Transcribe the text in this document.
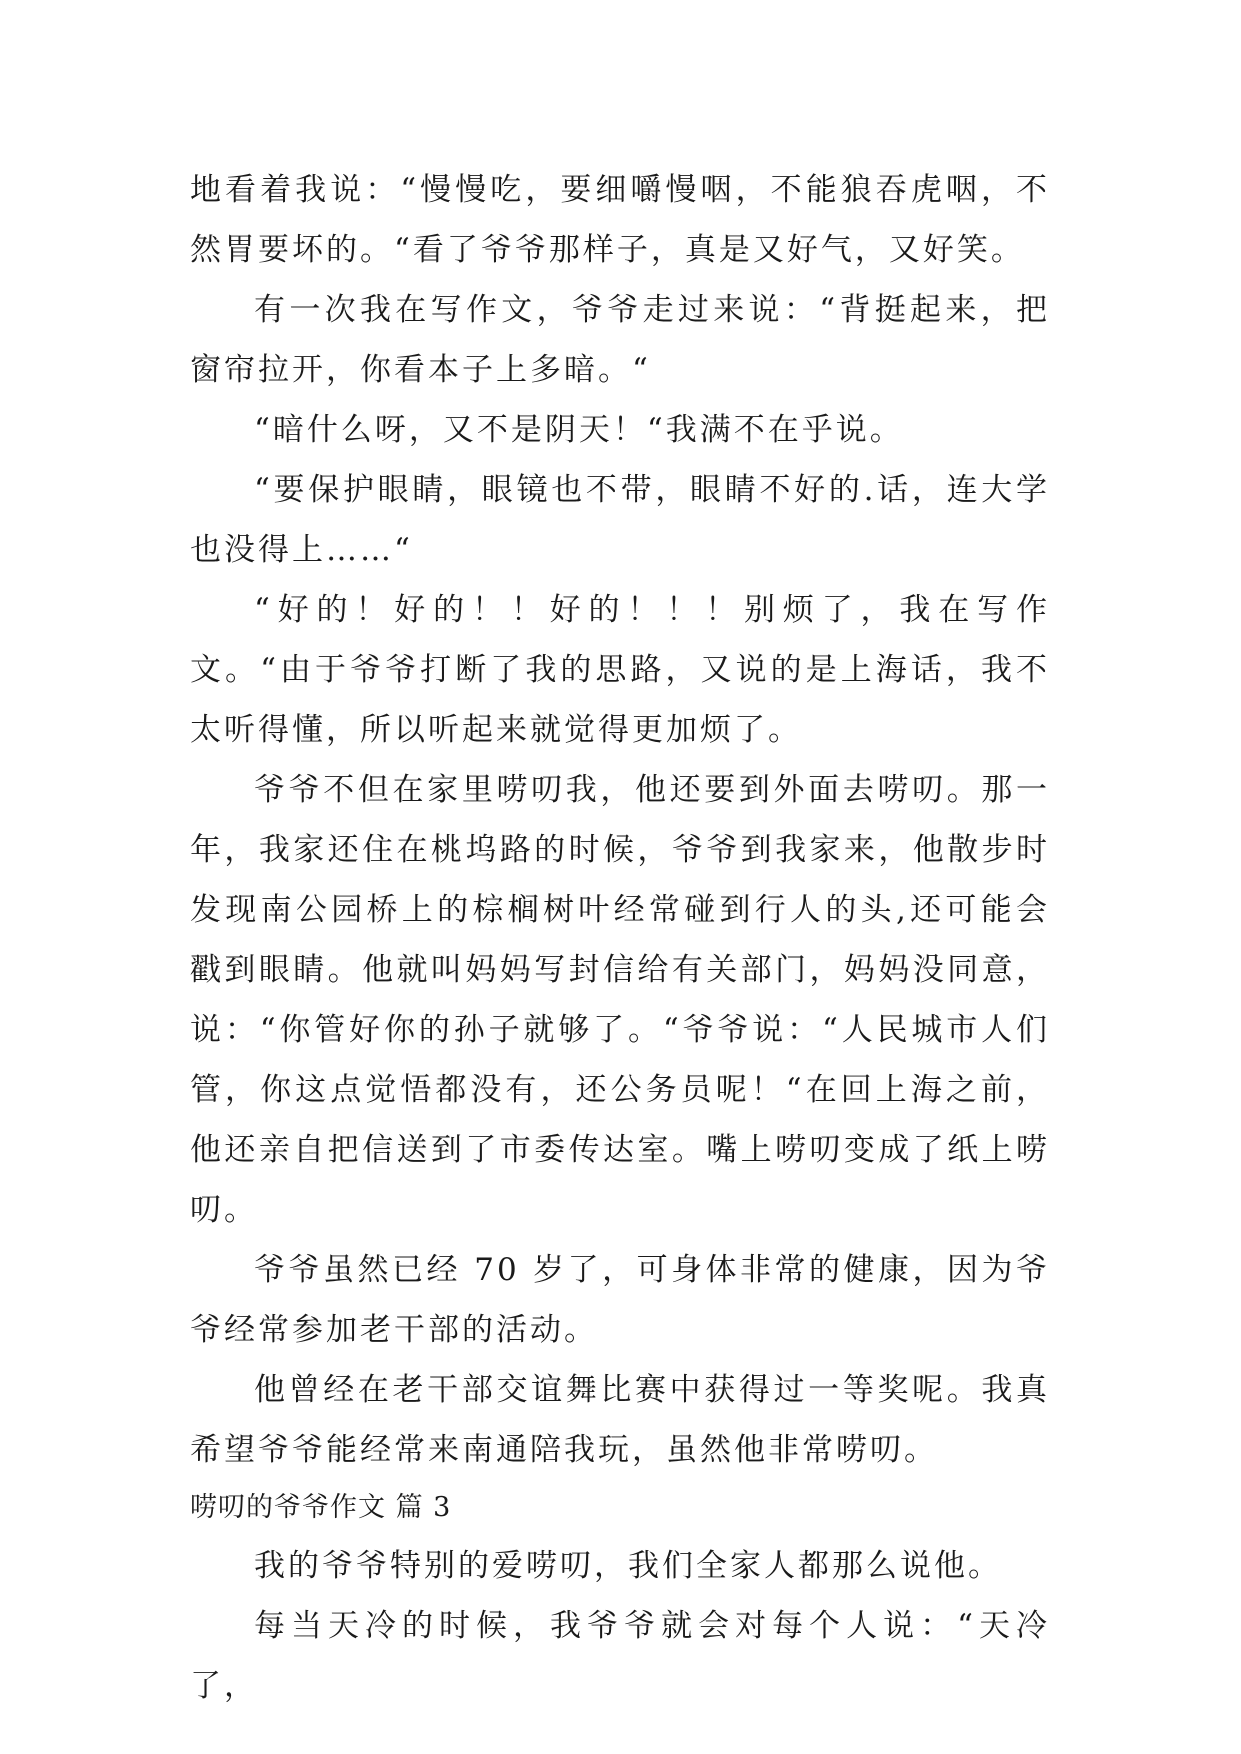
地看着我说：“慢慢吃，要细嚼慢咽，不能狼吞虎咽，不然胃要坏的。“看了爷爷那样子，真是又好气，又好笑。

有一次我在写作文，爷爷走过来说：“背挺起来，把窗帘拉开，你看本子上多暗。“

“暗什么呀，又不是阴天！“我满不在乎说。

“要保护眼睛，眼镜也不带，眼睛不好的.话，连大学也没得上……“

“好的！好的！！好的！！！别烦了，我在写作文。“由于爷爷打断了我的思路，又说的是上海话，我不太听得懂，所以听起来就觉得更加烦了。

爷爷不但在家里唠叨我，他还要到外面去唠叨。那一年，我家还住在桃坞路的时候，爷爷到我家来，他散步时发现南公园桥上的棕榈树叶经常碰到行人的头,还可能会戳到眼睛。他就叫妈妈写封信给有关部门，妈妈没同意，说：“你管好你的孙子就够了。“爷爷说：“人民城市人们管，你这点觉悟都没有，还公务员呢！“在回上海之前，他还亲自把信送到了市委传达室。嘴上唠叨变成了纸上唠叨。

爷爷虽然已经 70 岁了，可身体非常的健康，因为爷爷经常参加老干部的活动。

他曾经在老干部交谊舞比赛中获得过一等奖呢。我真希望爷爷能经常来南通陪我玩，虽然他非常唠叨。

唠叨的爷爷作文 篇 3

我的爷爷特别的爱唠叨，我们全家人都那么说他。

每当天冷的时候，我爷爷就会对每个人说：“天冷了，
